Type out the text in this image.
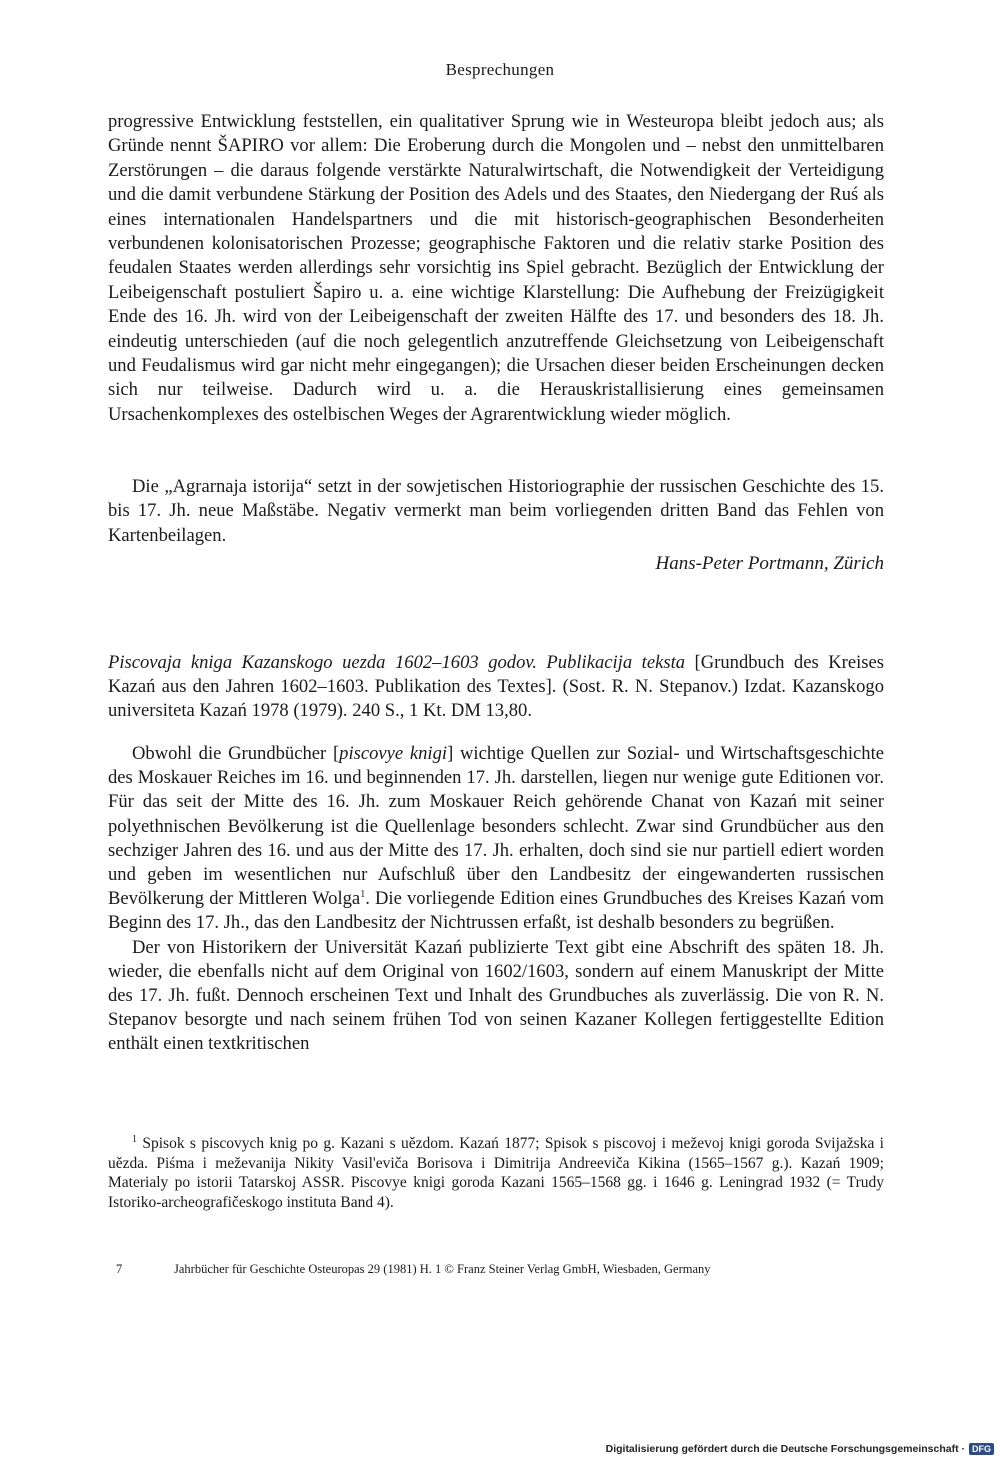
Besprechungen

progressive Entwicklung feststellen, ein qualitativer Sprung wie in Westeuropa bleibt jedoch aus; als Gründe nennt ŠAPIRO vor allem: Die Eroberung durch die Mongolen und – nebst den unmittelbaren Zerstörungen – die daraus folgende verstärkte Naturalwirtschaft, die Notwendigkeit der Verteidigung und die damit verbundene Stärkung der Position des Adels und des Staates, den Niedergang der Ruś als eines internationalen Handelspartners und die mit historisch-geographischen Besonderheiten verbundenen kolonisatorischen Prozesse; geographische Faktoren und die relativ starke Position des feudalen Staates werden allerdings sehr vorsichtig ins Spiel gebracht. Bezüglich der Entwicklung der Leibeigenschaft postuliert Šapiro u. a. eine wichtige Klarstellung: Die Aufhebung der Freizügigkeit Ende des 16. Jh. wird von der Leibeigenschaft der zweiten Hälfte des 17. und besonders des 18. Jh. eindeutig unterschieden (auf die noch gelegentlich anzutreffende Gleichsetzung von Leibeigenschaft und Feudalismus wird gar nicht mehr eingegangen); die Ursachen dieser beiden Erscheinungen decken sich nur teilweise. Dadurch wird u. a. die Herauskristallisierung eines gemeinsamen Ursachenkomplexes des ostelbischen Weges der Agrarentwicklung wieder möglich.

Die „Agrarnaja istorija“ setzt in der sowjetischen Historiographie der russischen Geschichte des 15. bis 17. Jh. neue Maßstäbe. Negativ vermerkt man beim vorliegenden dritten Band das Fehlen von Kartenbeilagen.

Hans-Peter Portmann, Zürich

Piscovaja kniga Kazanskogo uezda 1602–1603 godov. Publikacija teksta [Grundbuch des Kreises Kazań aus den Jahren 1602–1603. Publikation des Textes]. (Sost. R. N. Stepanov.) Izdat. Kazanskogo universiteta Kazań 1978 (1979). 240 S., 1 Kt. DM 13,80.

Obwohl die Grundbücher [piscovye knigi] wichtige Quellen zur Sozial- und Wirtschaftsgeschichte des Moskauer Reiches im 16. und beginnenden 17. Jh. darstellen, liegen nur wenige gute Editionen vor. Für das seit der Mitte des 16. Jh. zum Moskauer Reich gehörende Chanat von Kazań mit seiner polyethnischen Bevölkerung ist die Quellenlage besonders schlecht. Zwar sind Grundbücher aus den sechziger Jahren des 16. und aus der Mitte des 17. Jh. erhalten, doch sind sie nur partiell ediert worden und geben im wesentlichen nur Aufschluß über den Landbesitz der eingewanderten russischen Bevölkerung der Mittleren Wolga$^1$. Die vorliegende Edition eines Grundbuches des Kreises Kazań vom Beginn des 17. Jh., das den Landbesitz der Nichtrussen erfaßt, ist deshalb besonders zu begrüßen.

Der von Historikern der Universität Kazań publizierte Text gibt eine Abschrift des späten 18. Jh. wieder, die ebenfalls nicht auf dem Original von 1602/1603, sondern auf einem Manuskript der Mitte des 17. Jh. fußt. Dennoch erscheinen Text und Inhalt des Grundbuches als zuverlässig. Die von R. N. Stepanov besorgte und nach seinem frühen Tod von seinen Kazaner Kollegen fertiggestellte Edition enthält einen textkritischen

$^1$ Spisok s piscovych knig po g. Kazani s uězdom. Kazań 1877; Spisok s piscovoj i meževoj knigi goroda Svijažska i uězda. Piśma i meževanija Nikity Vasil'eviča Borisova i Dimitrija Andreeviča Kikina (1565–1567 g.). Kazań 1909; Materialy po istorii Tatarskoj ASSR. Piscovye knigi goroda Kazani 1565–1568 gg. i 1646 g. Leningrad 1932 (= Trudy Istoriko-archeografičeskogo instituta Band 4).
7	Jahrbücher für Geschichte Osteuropas 29 (1981) H. 1 © Franz Steiner Verlag GmbH, Wiesbaden, Germany
Digitalisierung gefördert durch die Deutsche Forschungsgemeinschaft · DFG
